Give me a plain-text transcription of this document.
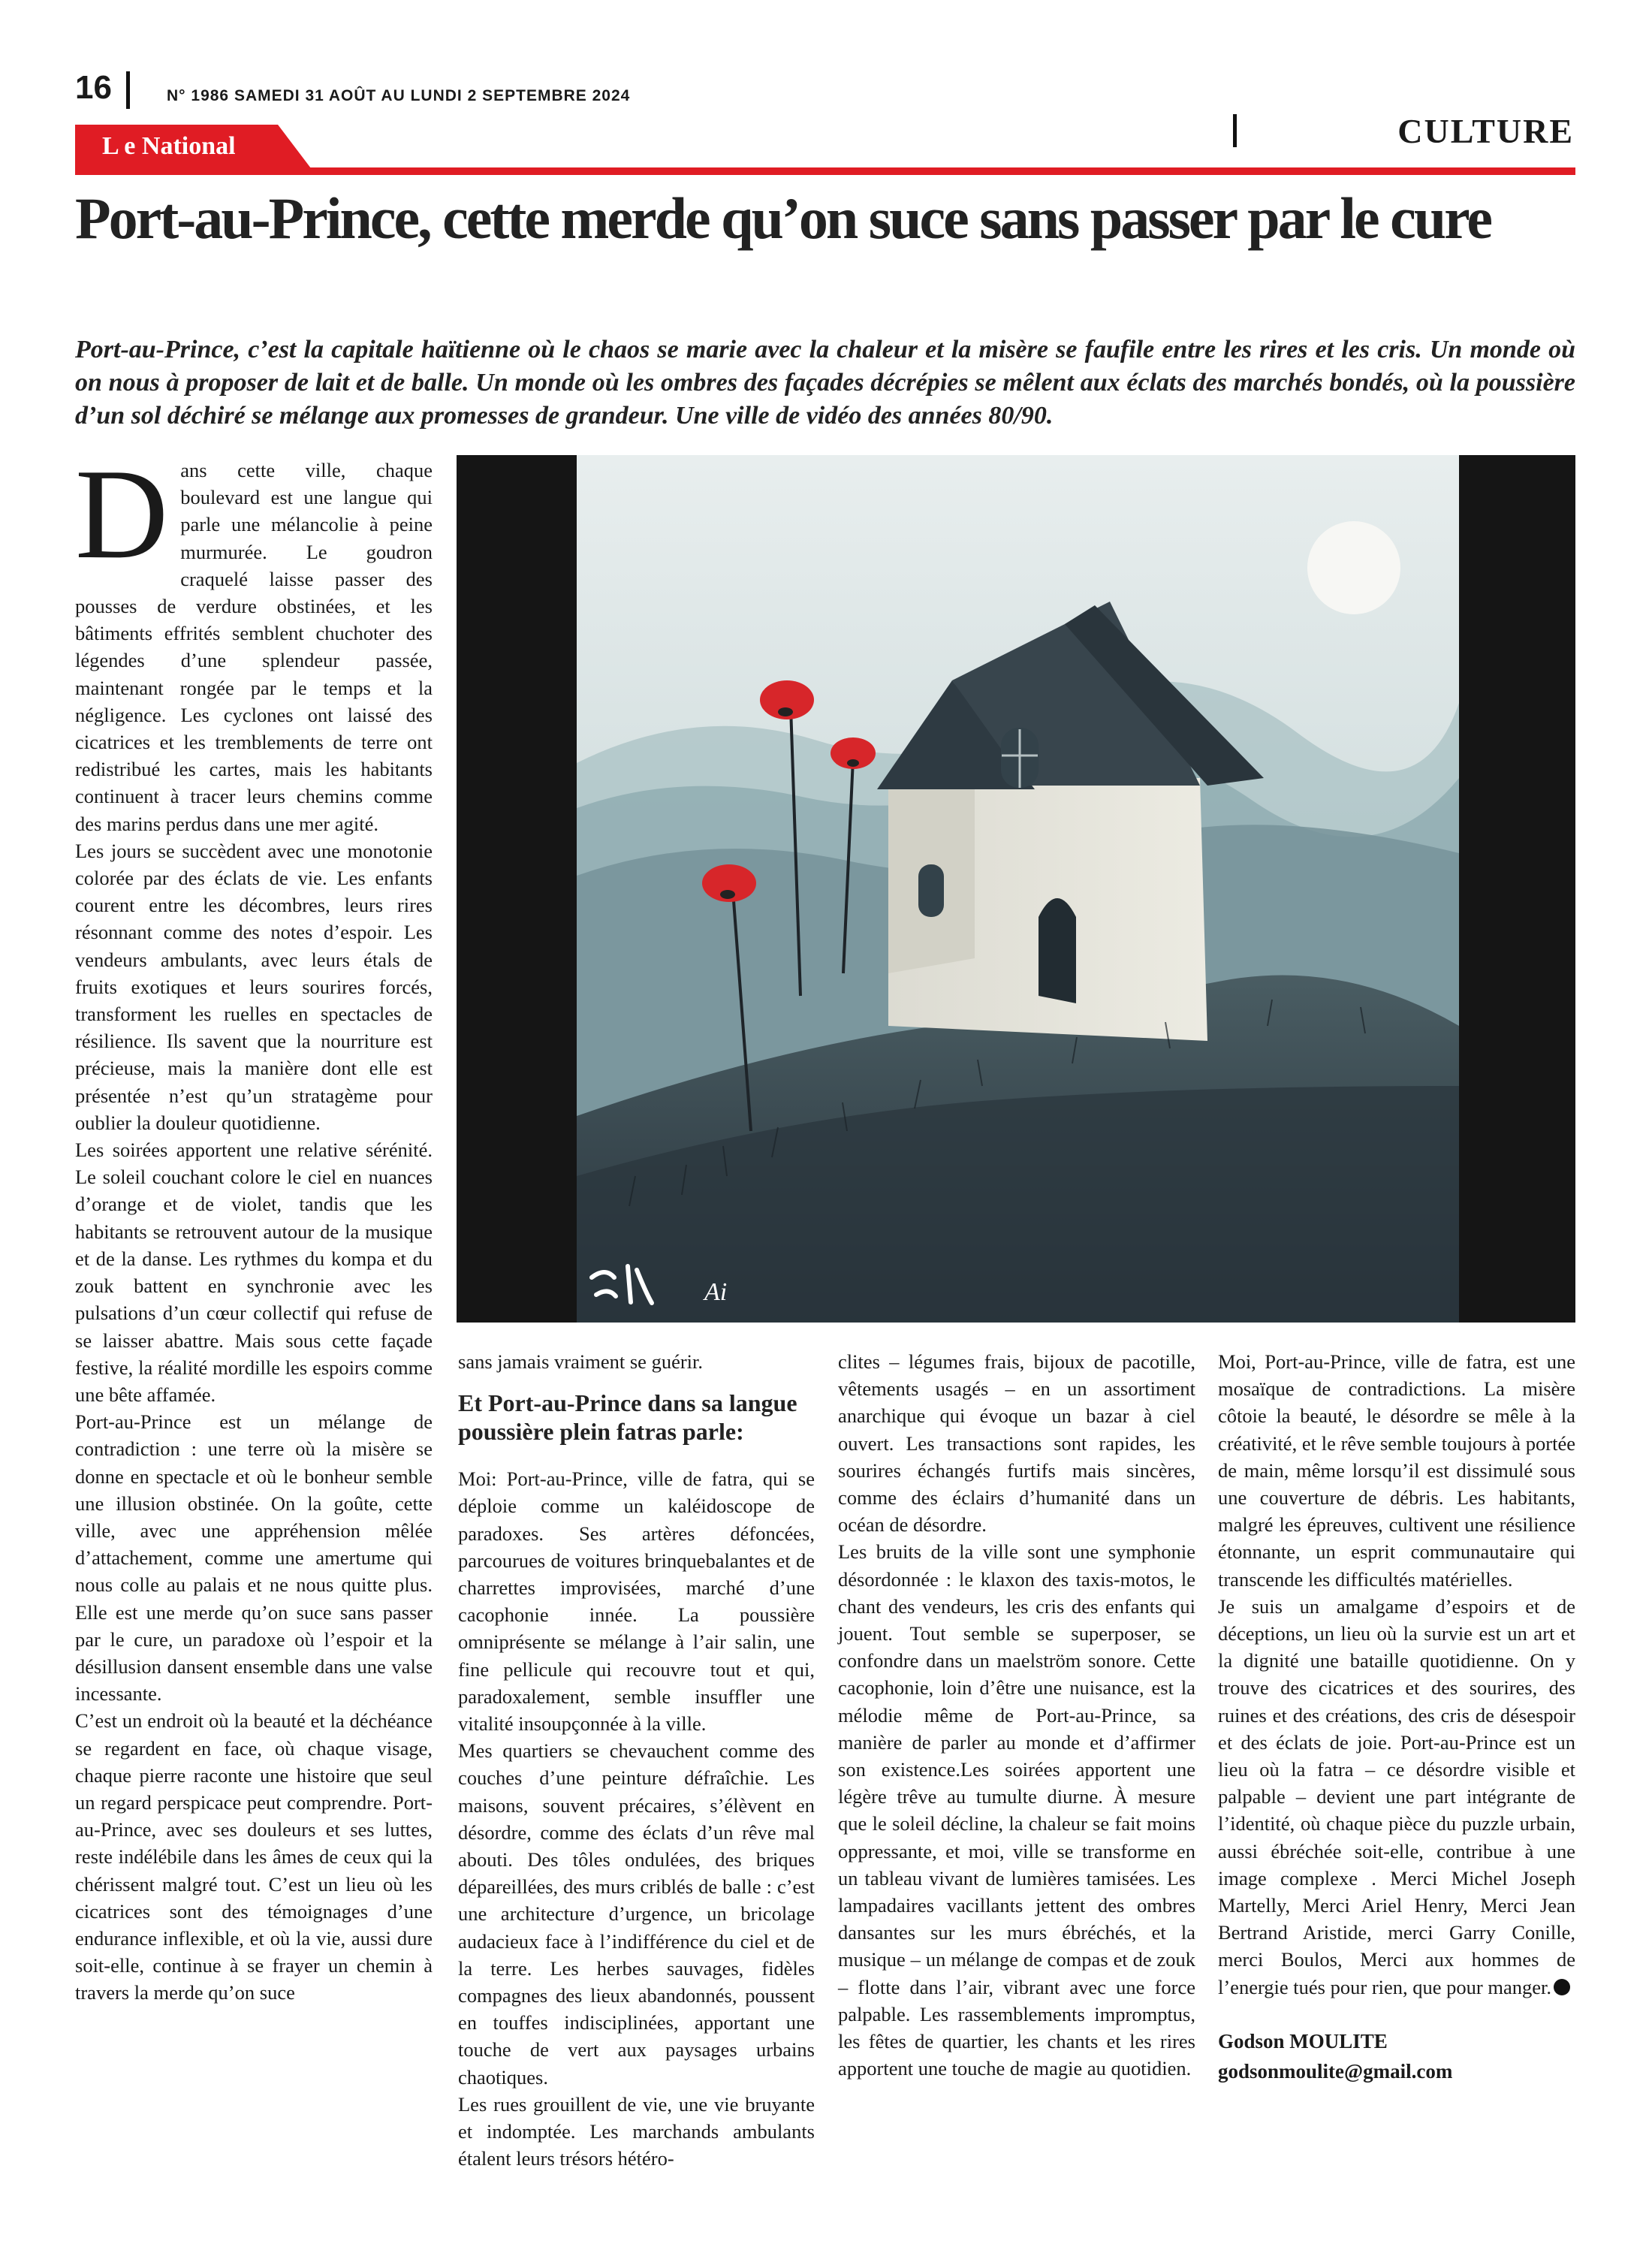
16	N° 1986 SAMEDI 31 AOÛT AU LUNDI 2 SEPTEMBRE 2024
CULTURE
L e National
Port-au-Prince, cette merde qu’on suce sans passer par le cure

Port-au-Prince, c’est la capitale haïtienne où le chaos se marie avec la chaleur et la misère se faufile entre les rires et les cris. Un monde où on nous à proposer de lait et de balle. Un monde où les ombres des façades décrépies se mêlent aux éclats des marchés bondés, où la poussière d’un sol déchiré se mélange aux promesses de grandeur. Une ville de vidéo des années 80/90.

Dans cette ville, chaque boulevard est une langue qui parle une mélancolie à peine murmurée. Le goudron craquelé laisse passer des pousses de verdure obstinées, et les bâtiments effrités semblent chuchoter des légendes d’une splendeur passée, maintenant rongée par le temps et la négligence. Les cyclones ont laissé des cicatrices et les tremblements de terre ont redistribué les cartes, mais les habitants continuent à tracer leurs chemins comme des marins perdus dans une mer agité.

Les jours se succèdent avec une monotonie colorée par des éclats de vie. Les enfants courent entre les décombres, leurs rires résonnant comme des notes d’espoir. Les vendeurs ambulants, avec leurs étals de fruits exotiques et leurs sourires forcés, transforment les ruelles en spectacles de résilience. Ils savent que la nourriture est précieuse, mais la manière dont elle est présentée n’est qu’un stratagème pour oublier la douleur quotidienne.

Les soirées apportent une relative sérénité. Le soleil couchant colore le ciel en nuances d’orange et de violet, tandis que les habitants se retrouvent autour de la musique et de la danse. Les rythmes du kompa et du zouk battent en synchronie avec les pulsations d’un cœur collectif qui refuse de se laisser abattre. Mais sous cette façade festive, la réalité mordille les espoirs comme une bête affamée.

Port-au-Prince est un mélange de contradiction : une terre où la misère se donne en spectacle et où le bonheur semble une illusion obstinée. On la goûte, cette ville, avec une appréhension mêlée d’attachement, comme une amertume qui nous colle au palais et ne nous quitte plus. Elle est une merde qu’on suce sans passer par le cure, un paradoxe où l’espoir et la désillusion dansent ensemble dans une valse incessante.

C’est un endroit où la beauté et la déchéance se regardent en face, où chaque visage, chaque pierre raconte une histoire que seul un regard perspicace peut comprendre. Port-au-Prince, avec ses douleurs et ses luttes, reste indélébile dans les âmes de ceux qui la chérissent malgré tout. C’est un lieu où les cicatrices sont des témoignages d’une endurance inflexible, et où la vie, aussi dure soit-elle, continue à se frayer un chemin à travers la merde qu’on suce

Ai

sans jamais vraiment se guérir.

Et Port-au-Prince dans sa langue poussière plein fatras parle:

Moi: Port-au-Prince, ville de fatra, qui se déploie comme un kaléidoscope de paradoxes. Ses artères défoncées, parcourues de voitures brinquebalantes et de charrettes improvisées, marché d’une cacophonie innée. La poussière omniprésente se mélange à l’air salin, une fine pellicule qui recouvre tout et qui, paradoxalement, semble insuffler une vitalité insoupçonnée à la ville.

Mes quartiers se chevauchent comme des couches d’une peinture défraîchie. Les maisons, souvent précaires, s’élèvent en désordre, comme des éclats d’un rêve mal abouti. Des tôles ondulées, des briques dépareillées, des murs criblés de balle : c’est une architecture d’urgence, un bricolage audacieux face à l’indifférence du ciel et de la terre. Les herbes sauvages, fidèles compagnes des lieux abandonnés, poussent en touffes indisciplinées, apportant une touche de vert aux paysages urbains chaotiques.

Les rues grouillent de vie, une vie bruyante et indomptée. Les marchands ambulants étalent leurs trésors hétéro-

clites – légumes frais, bijoux de pacotille, vêtements usagés – en un assortiment anarchique qui évoque un bazar à ciel ouvert. Les transactions sont rapides, les sourires échangés furtifs mais sincères, comme des éclairs d’humanité dans un océan de désordre.

Les bruits de la ville sont une symphonie désordonnée : le klaxon des taxis-motos, le chant des vendeurs, les cris des enfants qui jouent. Tout semble se superposer, se confondre dans un maelström sonore. Cette cacophonie, loin d’être une nuisance, est la mélodie même de Port-au-Prince, sa manière de parler au monde et d’affirmer son existence.Les soirées apportent une légère trêve au tumulte diurne. À mesure que le soleil décline, la chaleur se fait moins oppressante, et moi, ville se transforme en un tableau vivant de lumières tamisées. Les lampadaires vacillants jettent des ombres dansantes sur les murs ébréchés, et la musique – un mélange de compas et de zouk – flotte dans l’air, vibrant avec une force palpable. Les rassemblements impromptus, les fêtes de quartier, les chants et les rires apportent une touche de magie au quotidien.

Moi, Port-au-Prince, ville de fatra, est une mosaïque de contradictions. La misère côtoie la beauté, le désordre se mêle à la créativité, et le rêve semble toujours à portée de main, même lorsqu’il est dissimulé sous une couverture de débris. Les habitants, malgré les épreuves, cultivent une résilience étonnante, un esprit communautaire qui transcende les difficultés matérielles.

Je suis un amalgame d’espoirs et de déceptions, un lieu où la survie est un art et la dignité une bataille quotidienne. On y trouve des cicatrices et des sourires, des ruines et des créations, des cris de désespoir et des éclats de joie. Port-au-Prince est un lieu où la fatra – ce désordre visible et palpable – devient une part intégrante de l’identité, où chaque pièce du puzzle urbain, aussi ébréchée soit-elle, contribue à une image complexe . Merci Michel Joseph Martelly, Merci Ariel Henry, Merci Jean Bertrand Aristide, merci Garry Conille, merci Boulos, Merci aux hommes de l’energie tués pour rien, que pour manger.

Godson MOULITE
godsonmoulite@gmail.com
